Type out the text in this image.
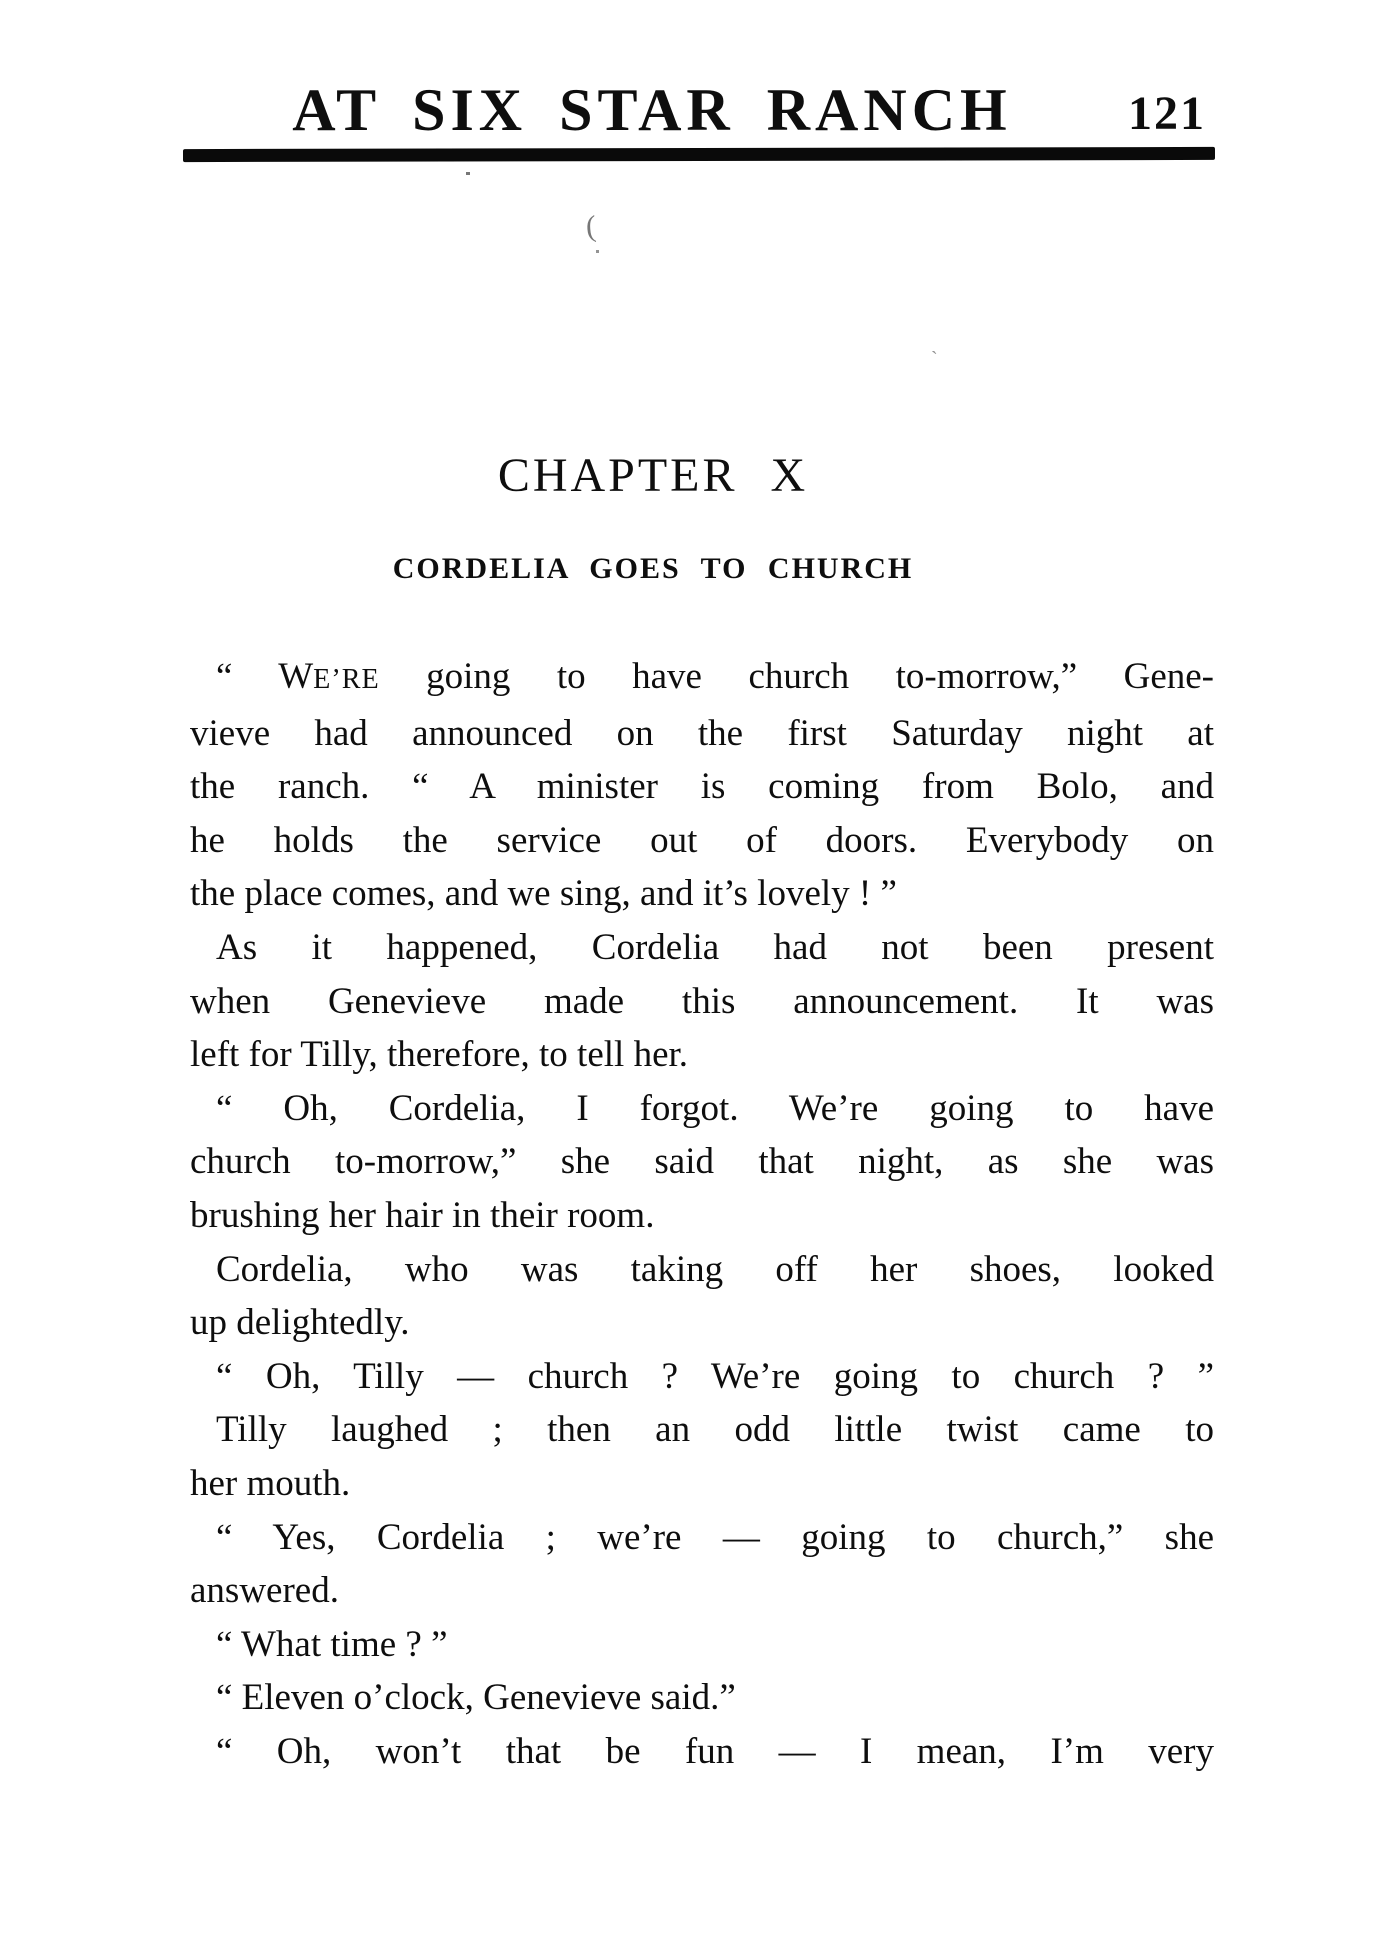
AT SIX STAR RANCH 121
(
ˋ
CHAPTER X
CORDELIA GOES TO CHURCH
“ WE’RE going to have church to-morrow,” Gene-
vieve had announced on the first Saturday night at
the ranch. “ A minister is coming from Bolo, and
he holds the service out of doors. Everybody on
the place comes, and we sing, and it’s lovely ! ”
As it happened, Cordelia had not been present
when Genevieve made this announcement. It was
left for Tilly, therefore, to tell her.
“ Oh, Cordelia, I forgot. We’re going to have
church to-morrow,” she said that night, as she was
brushing her hair in their room.
Cordelia, who was taking off her shoes, looked
up delightedly.
“ Oh, Tilly — church ? We’re going to church ? ”
Tilly laughed ; then an odd little twist came to
her mouth.
“ Yes, Cordelia ; we’re — going to church,” she
answered.
“ What time ? ”
“ Eleven o’clock, Genevieve said.”
“ Oh, won’t that be fun — I mean, I’m very
